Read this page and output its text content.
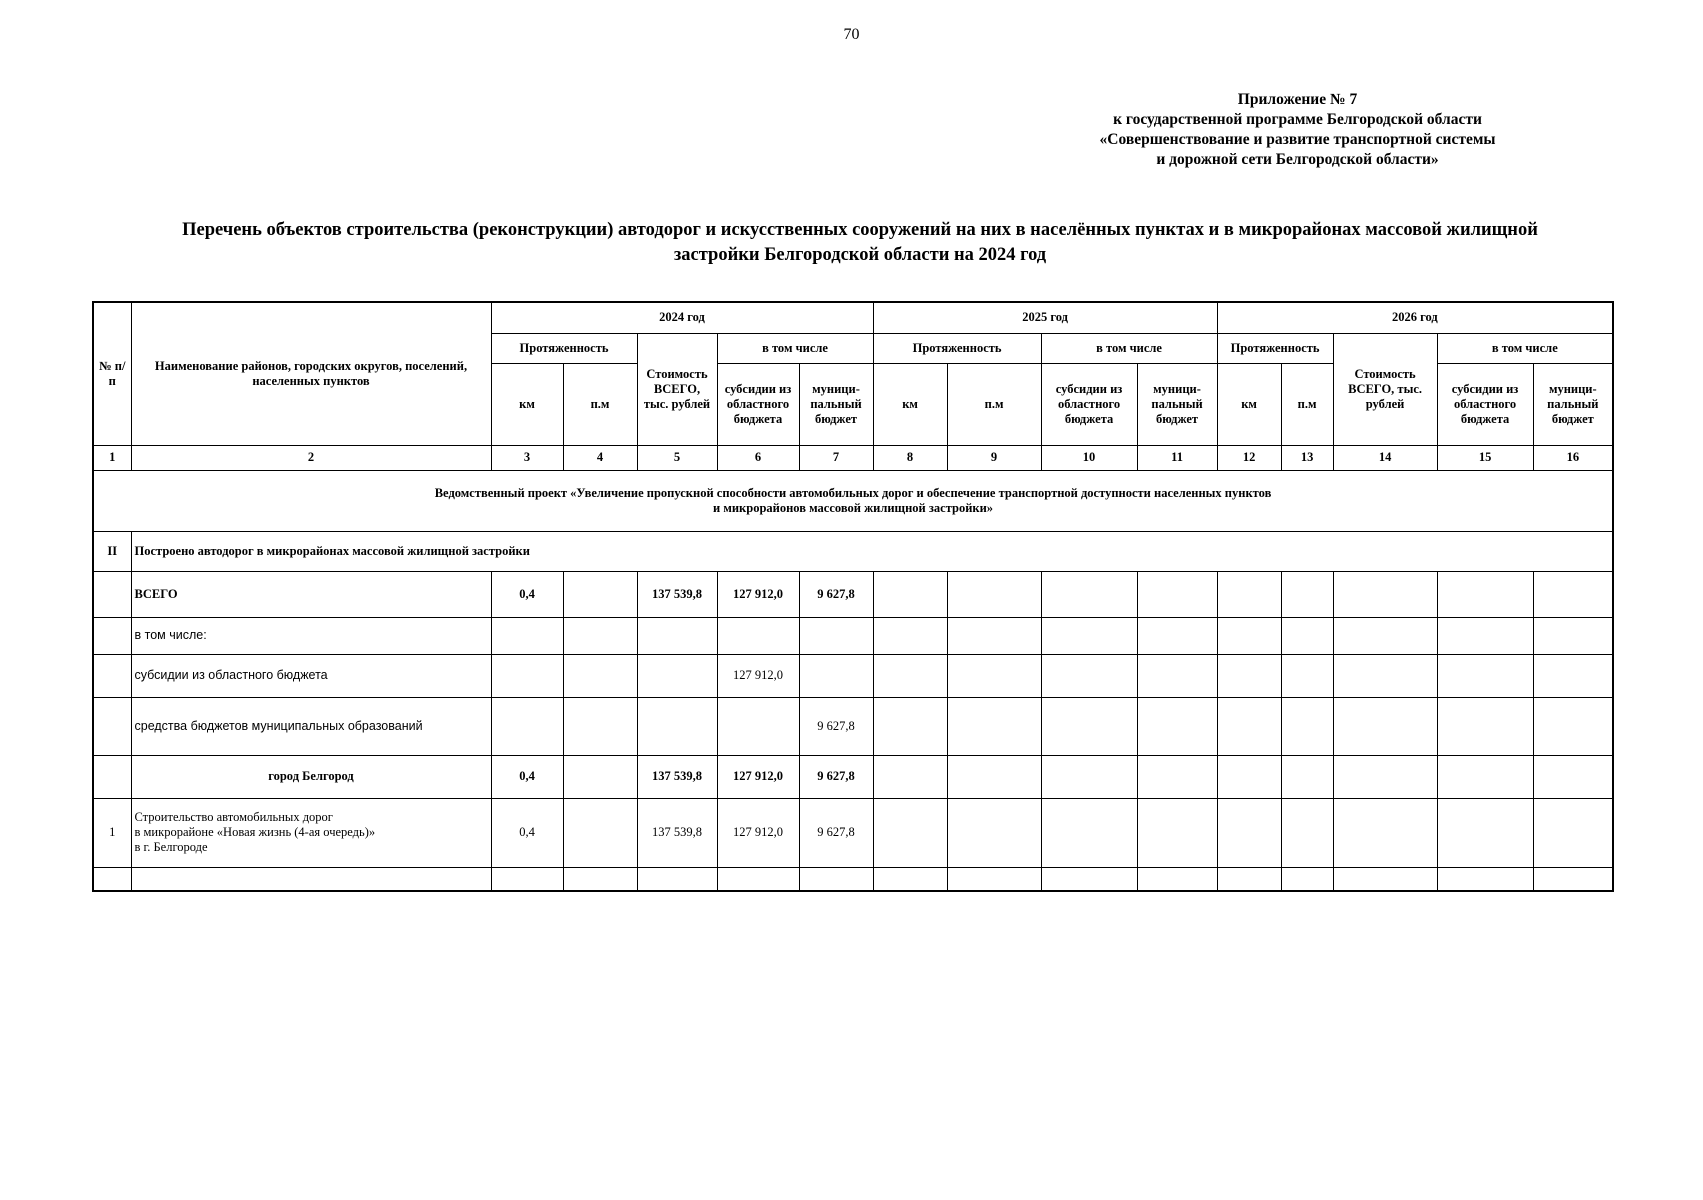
70
Приложение № 7
к государственной программе Белгородской области
«Совершенствование и развитие транспортной системы
и дорожной сети Белгородской области»
Перечень объектов строительства (реконструкции) автодорог и искусственных сооружений на них в населённых пунктах и в микрорайонах массовой жилищной
застройки Белгородской области на 2024 год
№ п/п	Наименование районов, городских округов, поселений, населенных пунктов	2024 год					2025 год				2026 год				
		Протяженность		Стоимость ВСЕГО, тыс. рублей	в том числе		Протяженность		в том числе		Протяженность		Стоимость ВСЕГО, тыс. рублей	в том числе	
		км	п.м		субсидии из областного бюджета	муници-пальный бюджет	км	п.м	субсидии из областного бюджета	муници-пальный бюджет	км	п.м		субсидии из областного бюджета	муници-пальный бюджет
1	2	3	4	5	6	7	8	9	10	11	12	13	14	15	16

Ведомственный проект «Увеличение пропускной способности автомобильных дорог и обеспечение транспортной доступности населенных пунктов
и микрорайонов массовой жилищной застройки»															

II	Построено автодорог в микрорайонах массовой жилищной застройки														
	ВСЕГО	0,4		137 539,8	127 912,0	9 627,8									
	в том числе:														
	субсидии из областного бюджета				127 912,0										
	средства бюджетов муниципальных образований					9 627,8									
	город Белгород	0,4		137 539,8	127 912,0	9 627,8									
1	Строительство автомобильных дорог
в микрорайоне «Новая жизнь (4-ая очередь)»
в г. Белгороде	0,4		137 539,8	127 912,0	9 627,8									
